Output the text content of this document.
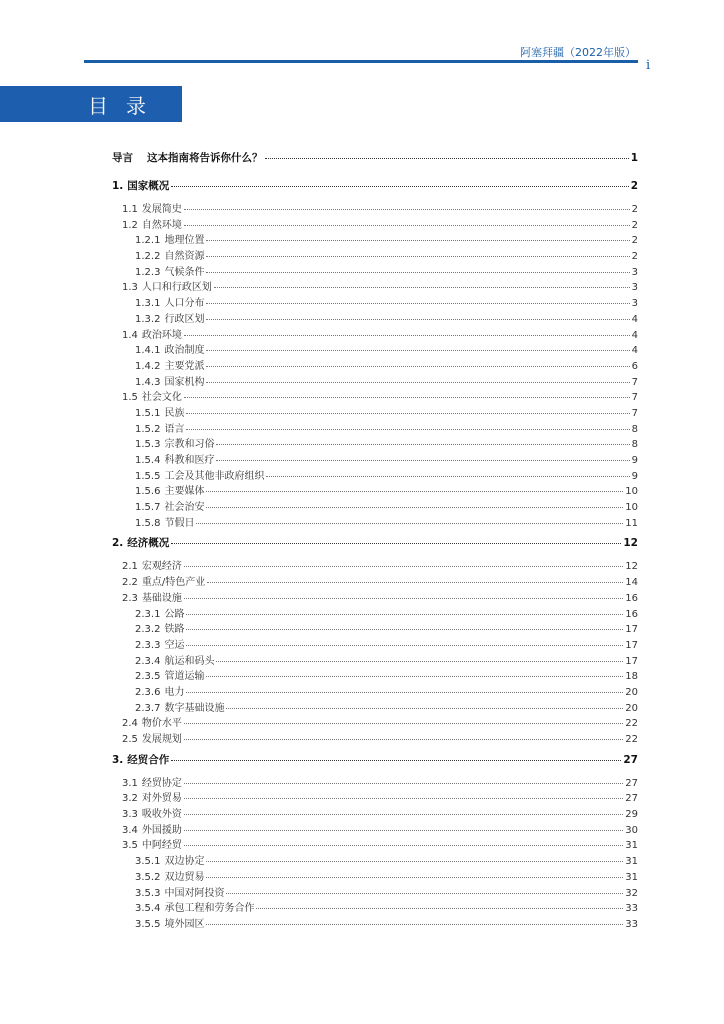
阿塞拜疆（2022年版）
i
目录
导言 这本指南将告诉你什么？	1
1. 国家概况	2
1.1 发展简史	2
1.2 自然环境	2
1.2.1 地理位置	2
1.2.2 自然资源	2
1.2.3 气候条件	3
1.3 人口和行政区划	3
1.3.1 人口分布	3
1.3.2 行政区划	4
1.4 政治环境	4
1.4.1 政治制度	4
1.4.2 主要党派	6
1.4.3 国家机构	7
1.5 社会文化	7
1.5.1 民族	7
1.5.2 语言	8
1.5.3 宗教和习俗	8
1.5.4 科教和医疗	9
1.5.5 工会及其他非政府组织	9
1.5.6 主要媒体	10
1.5.7 社会治安	10
1.5.8 节假日	11
2. 经济概况	12
2.1 宏观经济	12
2.2 重点/特色产业	14
2.3 基础设施	16
2.3.1 公路	16
2.3.2 铁路	17
2.3.3 空运	17
2.3.4 航运和码头	17
2.3.5 管道运输	18
2.3.6 电力	20
2.3.7 数字基础设施	20
2.4 物价水平	22
2.5 发展规划	22
3. 经贸合作	27
3.1 经贸协定	27
3.2 对外贸易	27
3.3 吸收外资	29
3.4 外国援助	30
3.5 中阿经贸	31
3.5.1 双边协定	31
3.5.2 双边贸易	31
3.5.3 中国对阿投资	32
3.5.4 承包工程和劳务合作	33
3.5.5 境外园区	33
